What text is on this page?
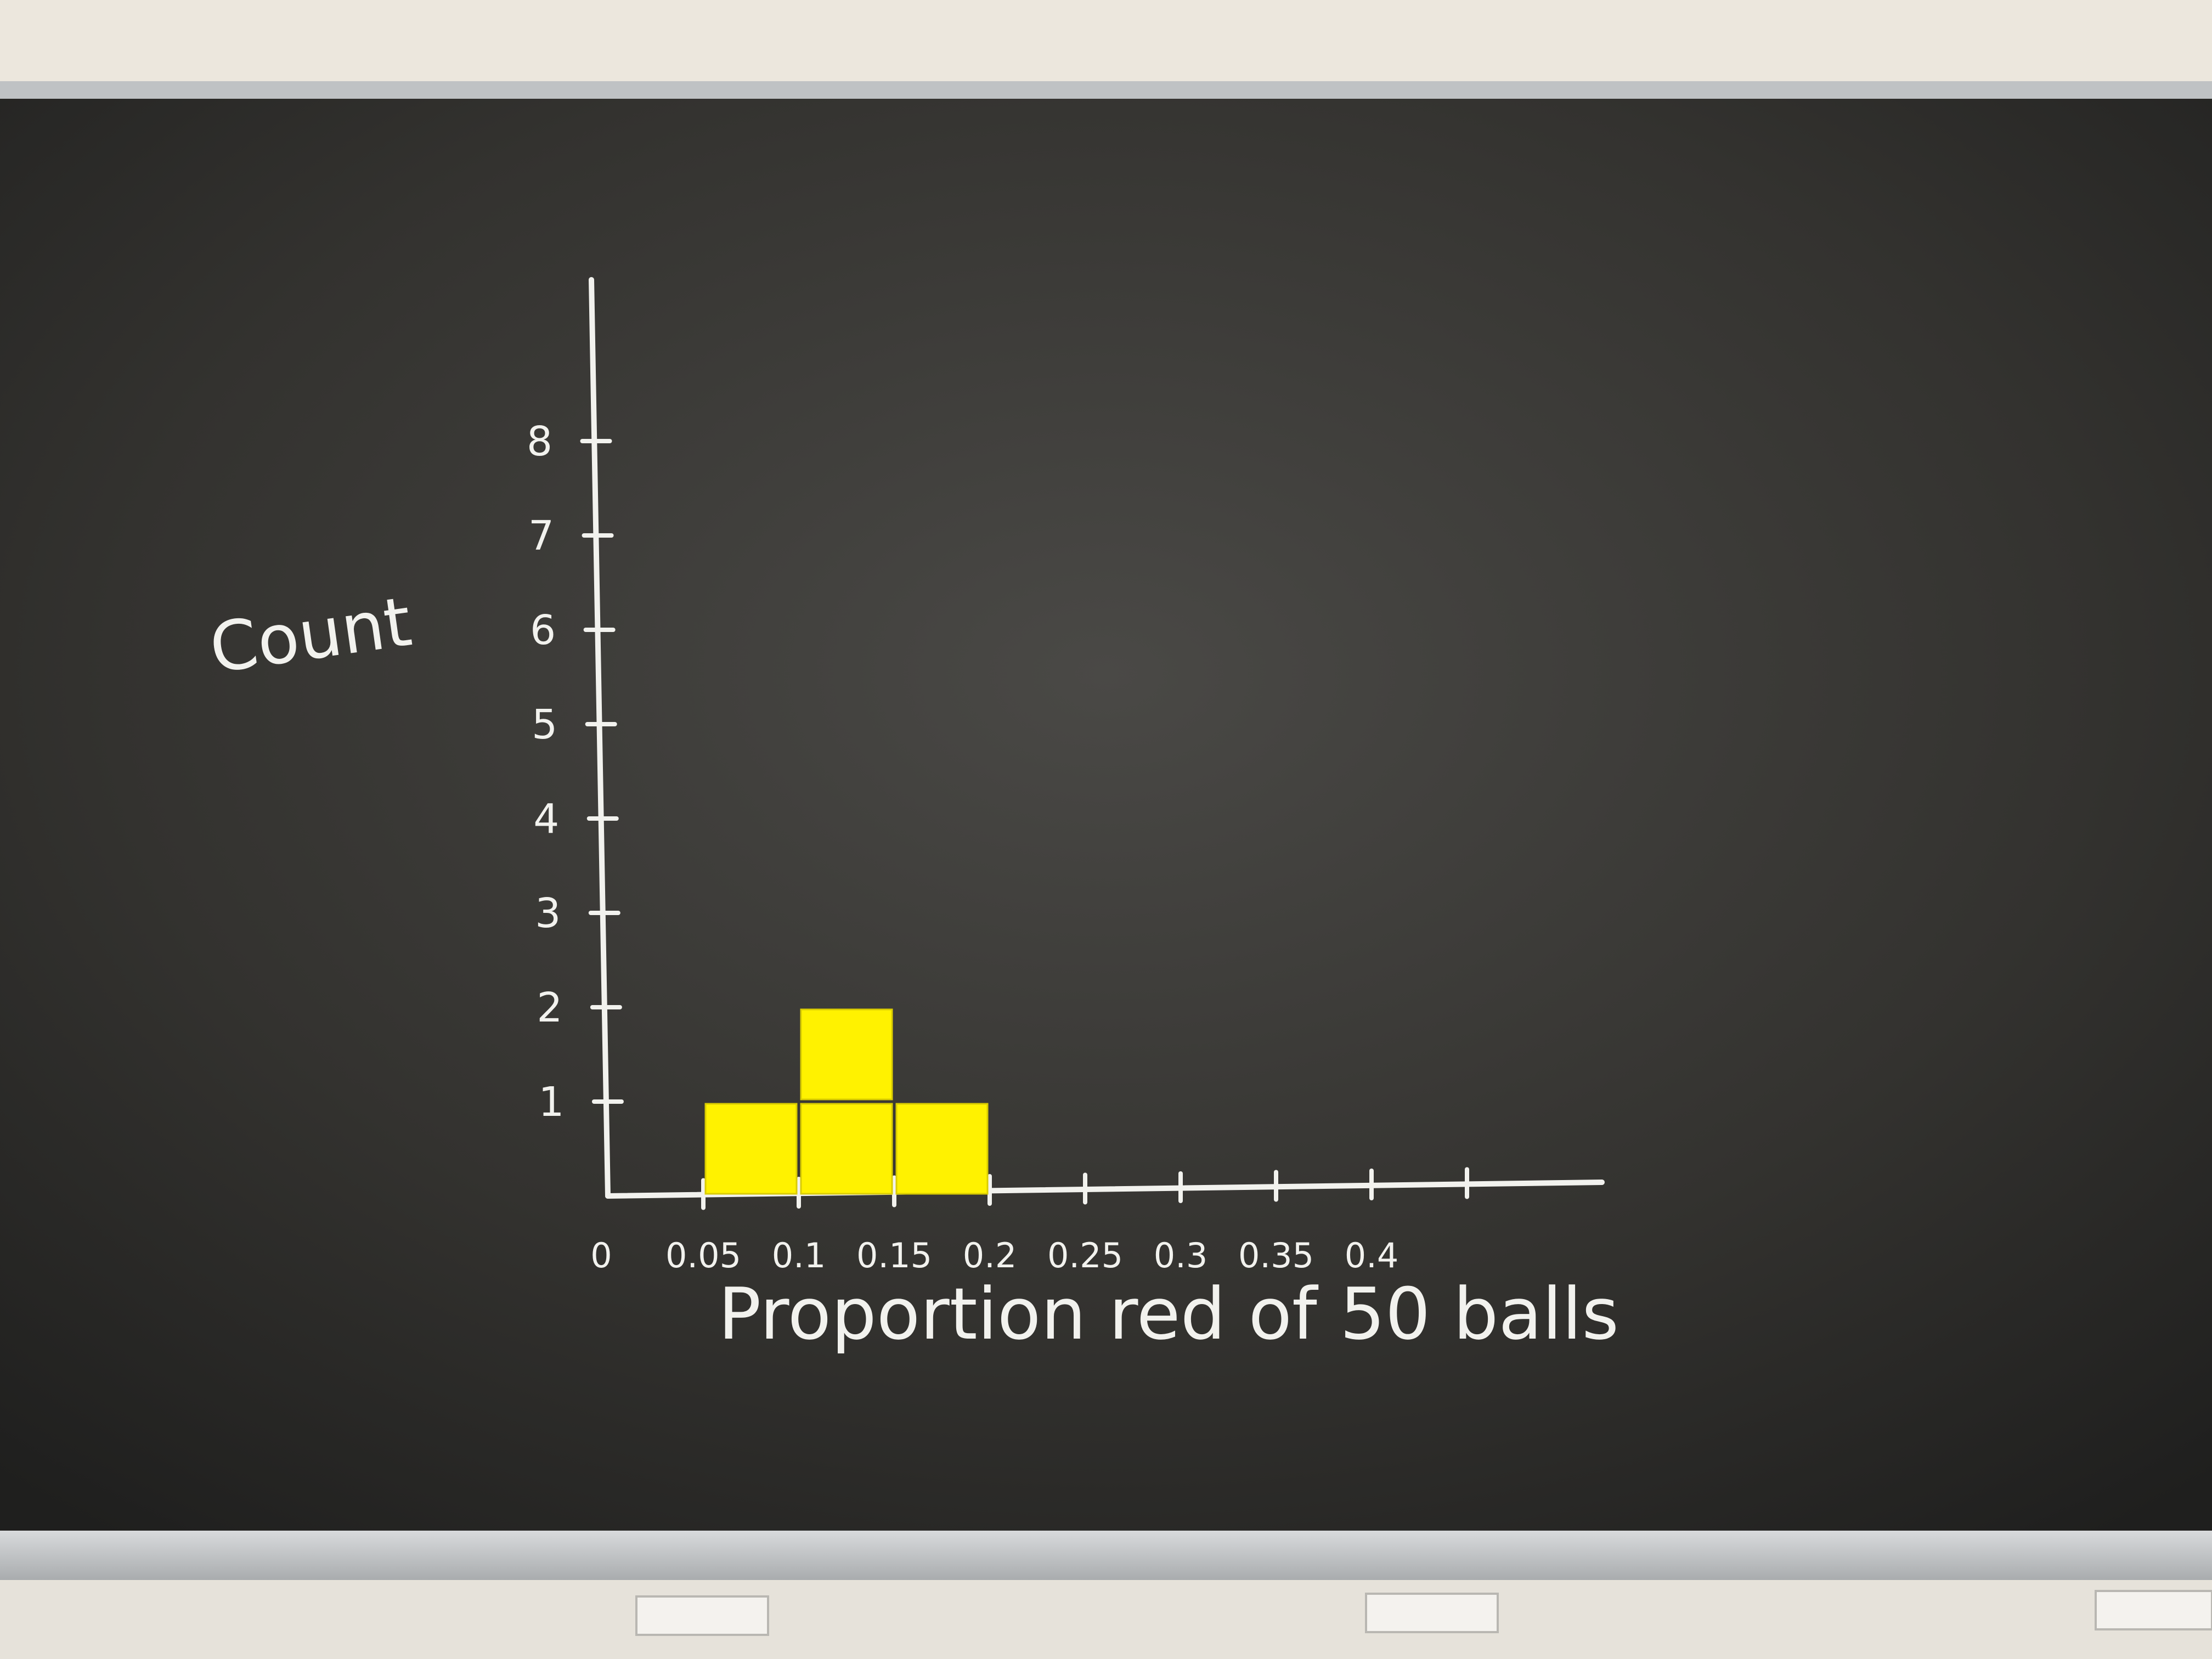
1
2
3
4
5
6
7
8
0 0.05 0.1 0.15 0.2 0.25 0.3 0.35 0.4
Count
Proportion red of 50 balls
